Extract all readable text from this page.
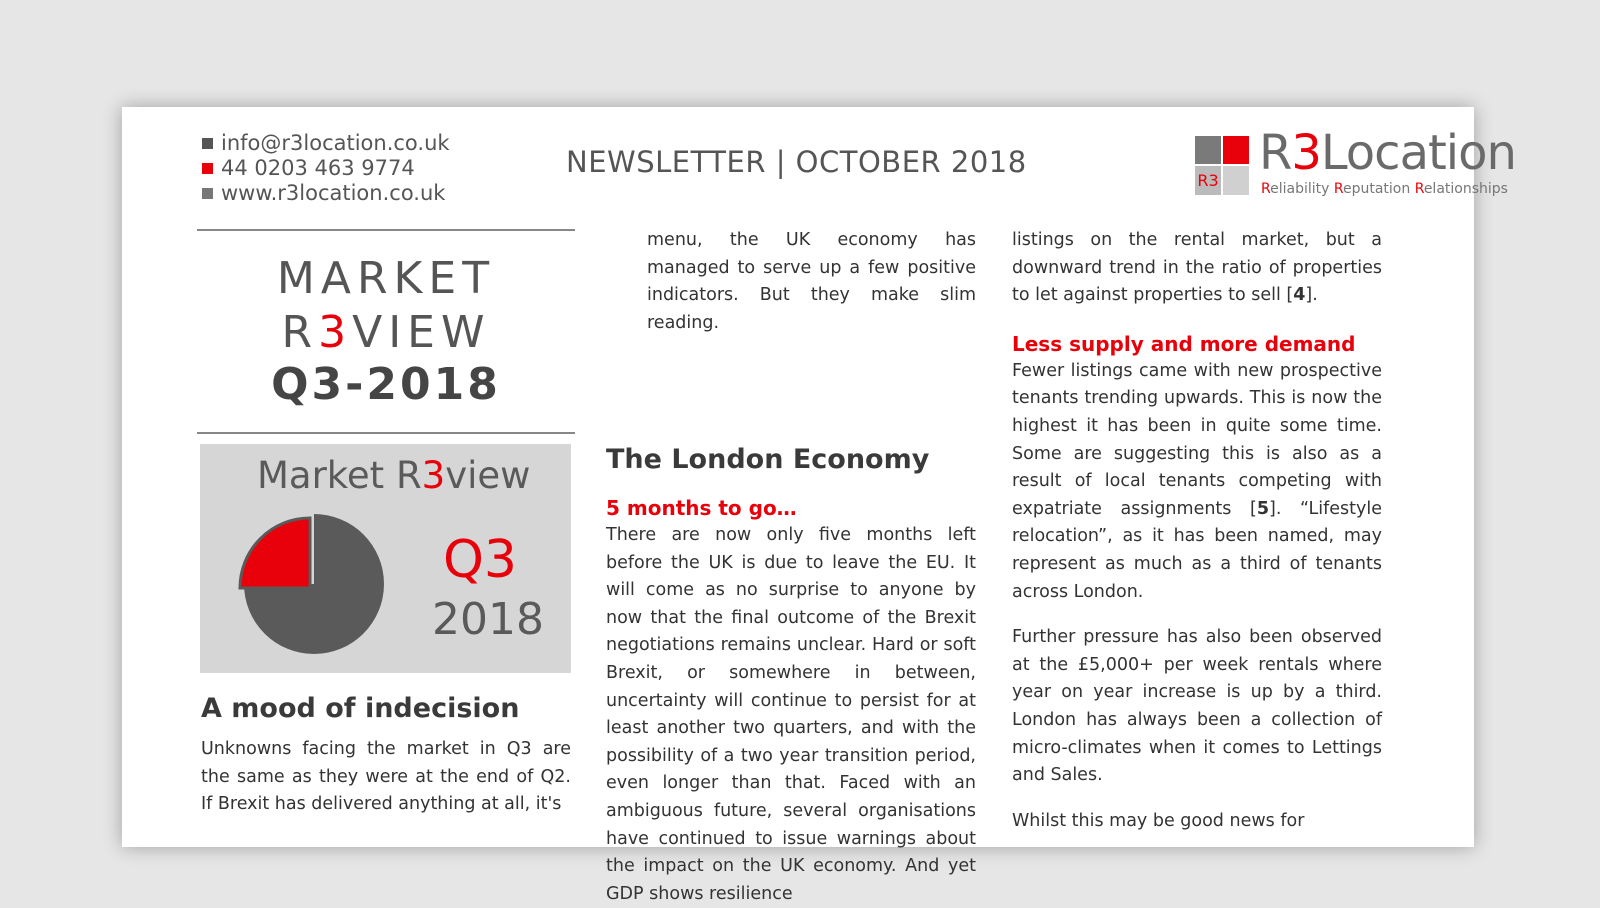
info@r3location.co.uk
44 0203 463 9774
www.r3location.co.uk
NEWSLETTER | OCTOBER 2018
R3 R3Location
Reliability Reputation Relationships
MARKET
R3VIEW
Q3-2018
Market R3view
Q3
2018
A mood of indecision

Unknowns facing the market in Q3 are the same as they were at the end of Q2. If Brexit has delivered anything at all, it's

menu, the UK economy has managed to serve up a few positive indicators. But they make slim reading.

The London Economy

5 months to go…

There are now only five months left before the UK is due to leave the EU. It will come as no surprise to anyone by now that the final outcome of the Brexit negotiations remains unclear. Hard or soft Brexit, or somewhere in between, uncertainty will continue to persist for at least another two quarters, and with the possibility of a two year transition period, even longer than that. Faced with an ambiguous future, several organisations have continued to issue warnings about the impact on the UK economy. And yet GDP shows resilience

listings on the rental market, but a downward trend in the ratio of properties to let against properties to sell [4].

Less supply and more demand

Fewer listings came with new prospective tenants trending upwards. This is now the highest it has been in quite some time. Some are suggesting this is also as a result of local tenants competing with expatriate assignments [5]. “Lifestyle relocation”, as it has been named, may represent as much as a third of tenants across London.

Further pressure has also been observed at the £5,000+ per week rentals where year on year increase is up by a third. London has always been a collection of micro-climates when it comes to Lettings and Sales.

Whilst this may be good news for
